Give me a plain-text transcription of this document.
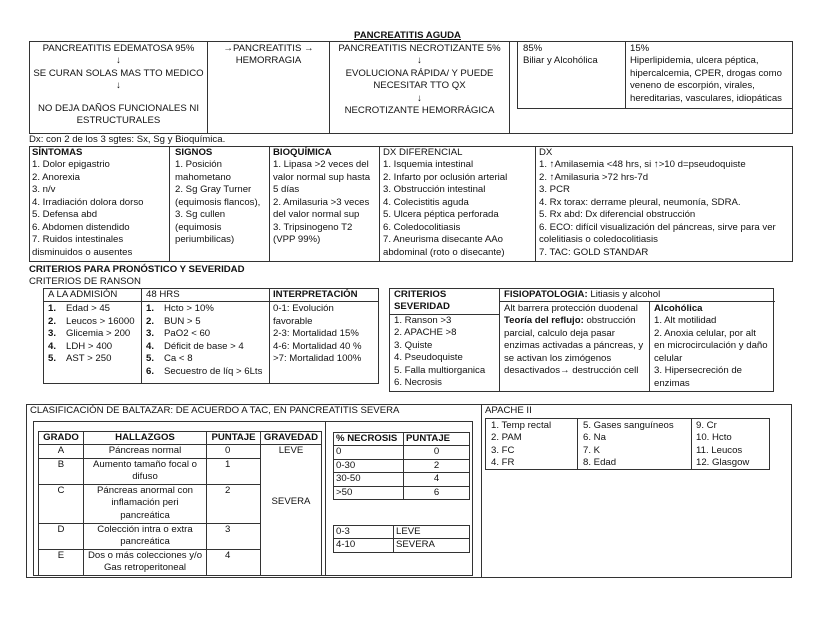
PANCREATITIS AGUDA
PANCREATITIS EDEMATOSA 95%
↓
SE CURAN SOLAS MAS TTO MEDICO
↓
NO DEJA DAÑOS FUNCIONALES NI ESTRUCTURALES
→PANCREATITIS →
HEMORRAGIA
PANCREATITIS NECROTIZANTE 5%
↓
EVOLUCIONA RÁPIDA/ Y PUEDE NECESITAR TTO QX
↓
NECROTIZANTE HEMORRÁGICA
85%
Biliar y Alcohólica
15%
Hiperlipidemia, ulcera péptica, hipercalcemia, CPER, drogas como veneno de escorpión, virales, hereditarias, vasculares, idiopáticas
Dx: con 2 de los 3 sgtes: Sx, Sg y Bioquímica.
SÍNTOMAS
1. Dolor epigastrio
2. Anorexia
3. n/v
4. Irradiación dolora dorso
5. Defensa abd
6. Abdomen distendido
7. Ruidos intestinales disminuidos o ausentes
SIGNOS
1. Posición mahometano
2. Sg Gray Turner (equimosis flancos),
3. Sg cullen (equimosis periumbilicas)
BIOQUÍMICA
1. Lipasa >2 veces del valor normal sup hasta 5 días
2. Amilasuria >3 veces del valor normal sup
3. Tripsinogeno T2 (VPP 99%)
DX DIFERENCIAL
1. Isquemia intestinal
2. Infarto por oclusión arterial
3. Obstrucción intestinal
4. Colecistitis aguda
5. Ulcera péptica perforada
6. Coledocolitiasis
7. Aneurisma disecante AAo abdominal (roto o disecante)
DX
1. ↑Amilasemia <48 hrs, si ↑>10 d=pseudoquiste
2. ↑Amilasuria >72 hrs-7d
3. PCR
4. Rx torax: derrame pleural, neumonía, SDRA.
5. Rx abd: Dx diferencial obstrucción
6. ECO: difícil visualización del páncreas, sirve para ver colelitiasis o coledocolitiasis
7. TAC: GOLD STANDAR
CRITERIOS PARA PRONÓSTICO Y SEVERIDAD
CRITERIOS DE RANSON
A LA ADMISIÓN
1.	Edad > 45
2.	Leucos > 16000
3.	Glicemia > 200
4.	LDH > 400
5.	AST > 250
48 HRS
1.	Hcto > 10%
2.	BUN > 5
3.	PaO2 < 60
4.	Déficit de base > 4
5.	Ca < 8
6.	Secuestro de líq > 6Lts
INTERPRETACIÓN
0-1: Evolución favorable
2-3: Mortalidad 15%
4-6: Mortalidad 40 %
>7: Mortalidad 100%
CRITERIOS SEVERIDAD
1. Ranson >3
2. APACHE >8
3. Quiste
4. Pseudoquiste
5. Falla multiorganica
6. Necrosis
FISIOPATOLOGIA: Litiasis y alcohol
Alt barrera protección duodenal
Teoría del reflujo: obstrucción parcial, calculo deja pasar enzimas activadas a páncreas, y se activan los zimógenos desactivados→ destrucción cell
Alcohólica
1. Alt motilidad
2. Anoxia celular, por alt en microcirculación y daño celular
3. Hipersecreción de enzimas
CLASIFICACIÓN DE BALTAZAR: DE ACUERDO A TAC, EN PANCREATITIS SEVERA
GRADO	HALLAZGOS	PUNTAJE	GRAVEDAD
A	Páncreas normal	0	LEVE
B	Aumento tamaño focal o difuso	1	
C	Páncreas anormal con inflamación peri pancreática	2	SEVERA
D	Colección intra o extra pancreática	3	
E	Dos o más colecciones y/o Gas retroperitoneal	4	
% NECROSIS	PUNTAJE
0	0
0-30	2
30-50	4
>50	6
0-3	LEVE
4-10	SEVERA
APACHE II
1. Temp rectal
2. PAM
3. FC
4. FR
5. Gases sanguíneos
6. Na
7. K
8. Edad
9. Cr
10. Hcto
11. Leucos
12. Glasgow
